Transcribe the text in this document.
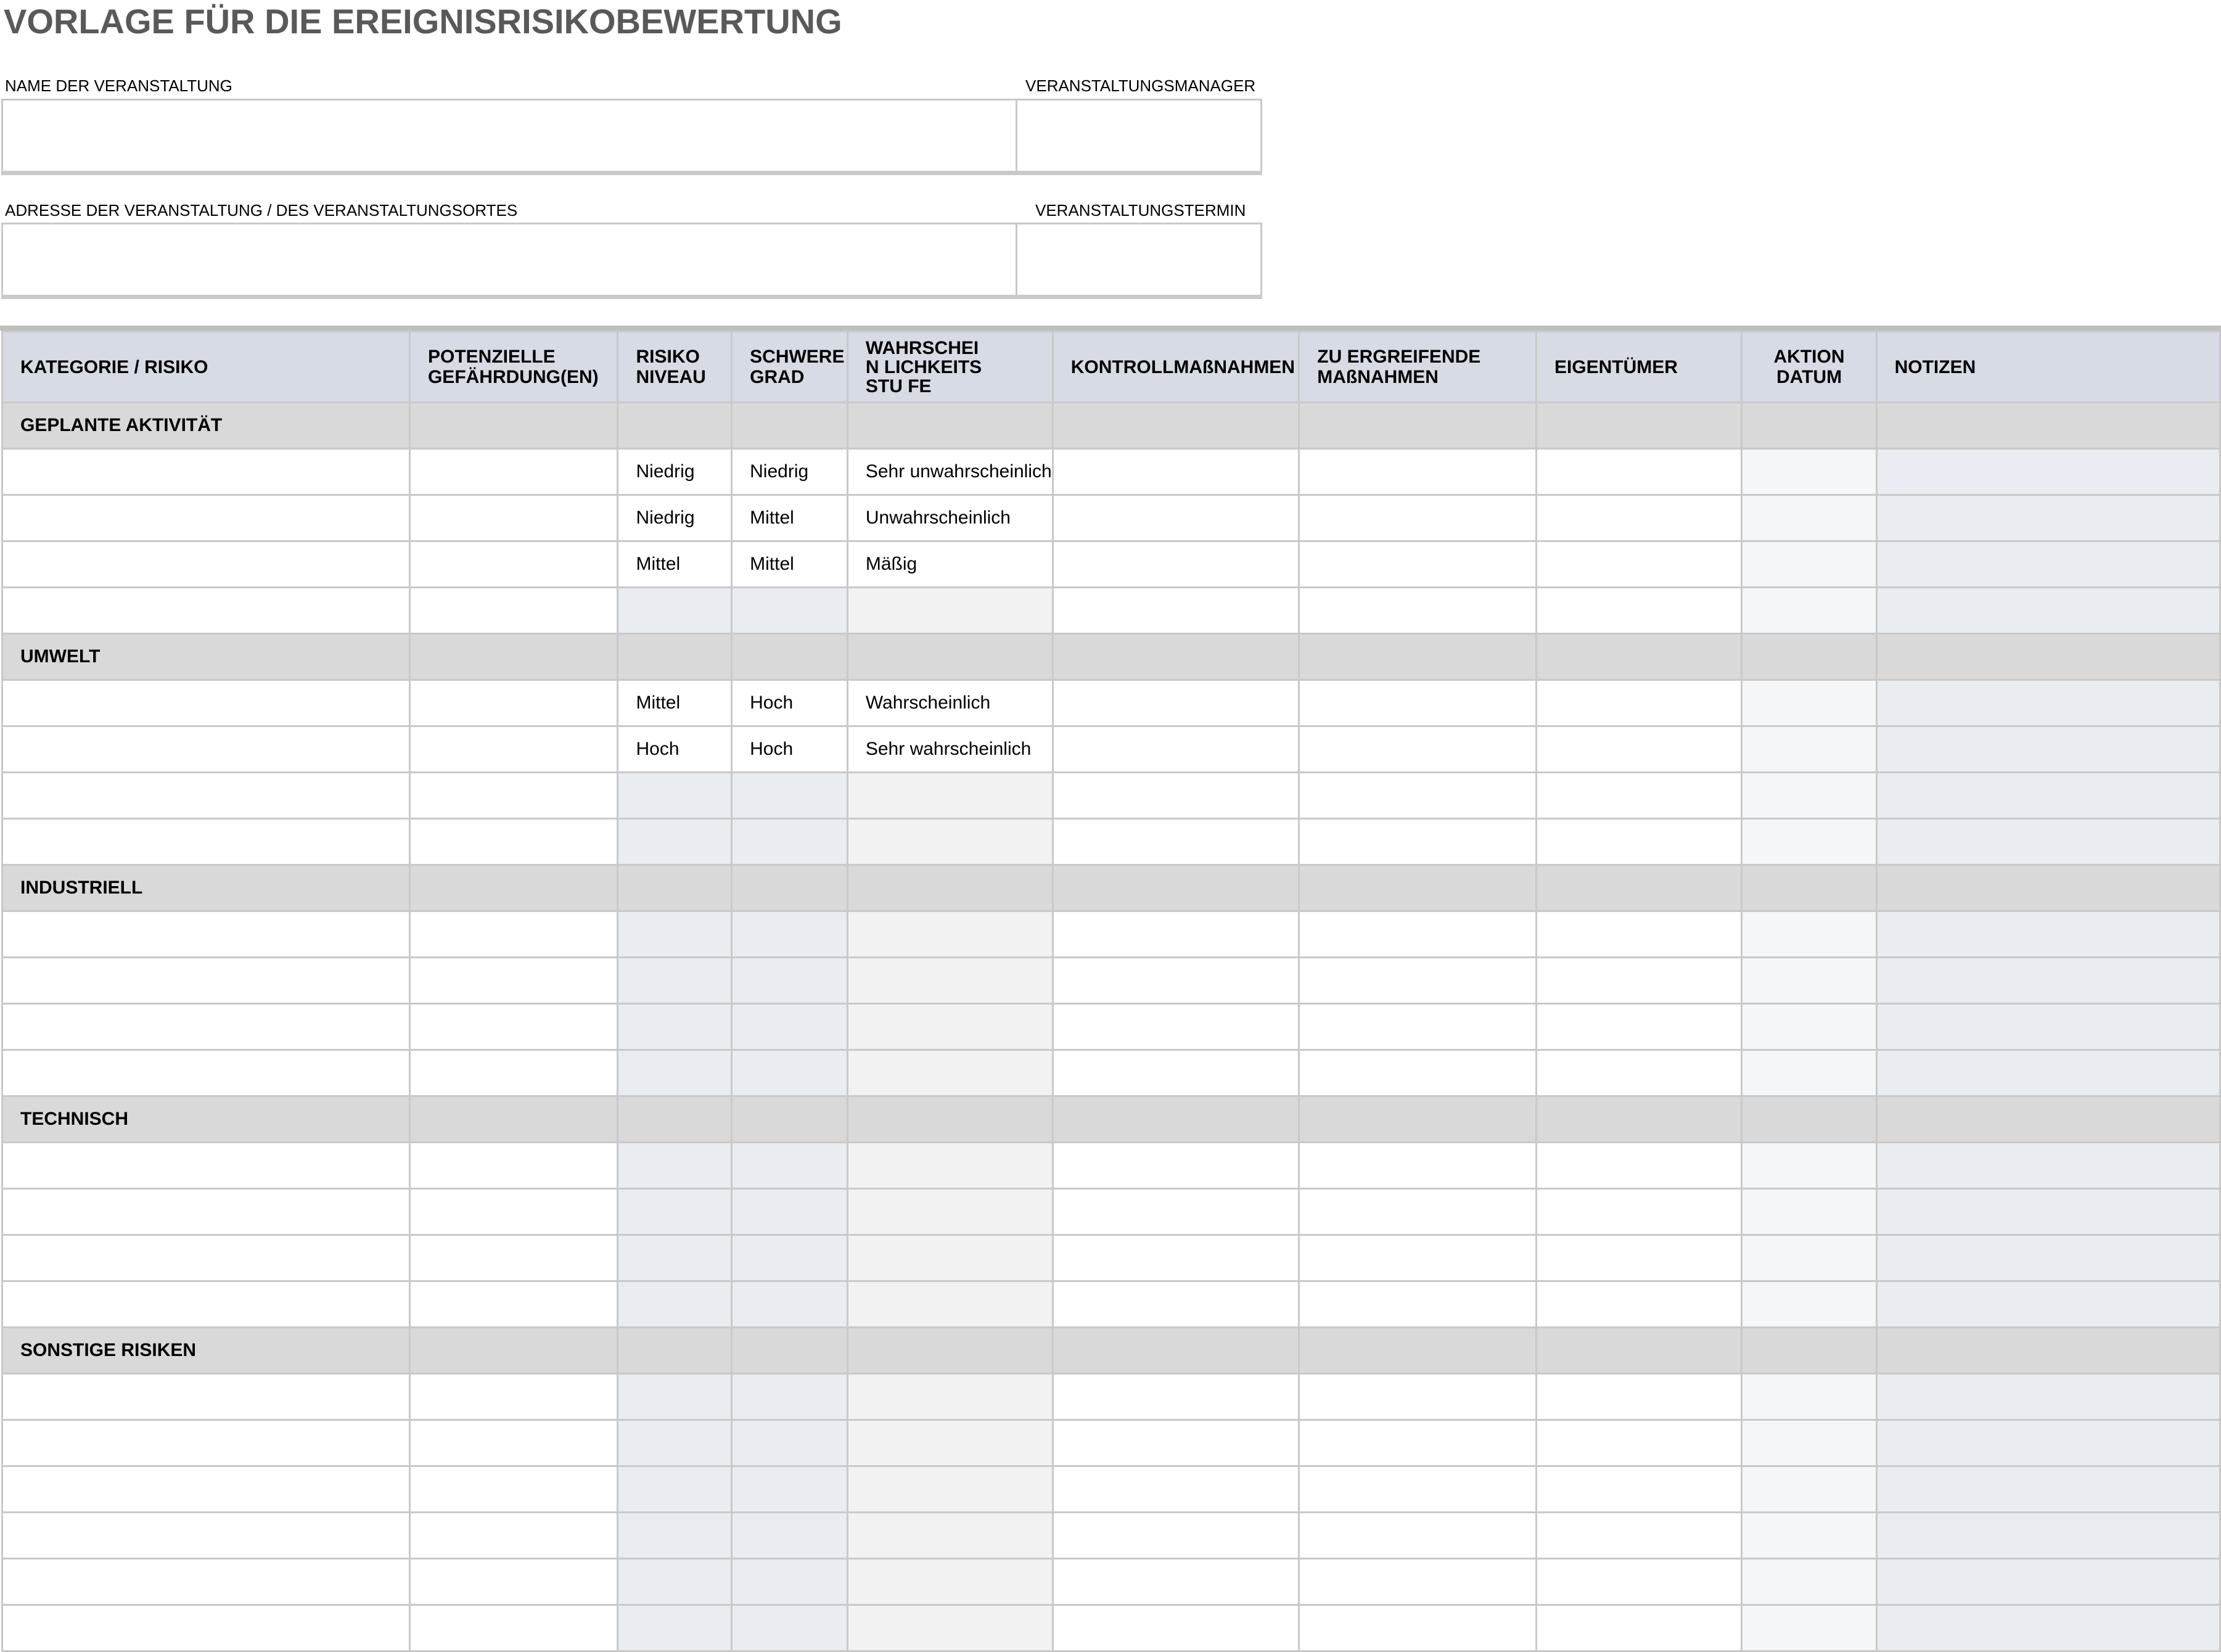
VORLAGE FÜR DIE EREIGNISRISIKOBEWERTUNG
NAME DER VERANSTALTUNG	VERANSTALTUNGSMANAGER
ADRESSE DER VERANSTALTUNG / DES VERANSTALTUNGSORTES	VERANSTALTUNGSTERMIN
KATEGORIE / RISIKO	POTENZIELLE GEFÄHRDUNG(EN)	RISIKO NIVEAU	SCHWERE GRAD	WAHRSCHEIN LICHKEITSSTU FE	KONTROLLMAßNAHMEN	ZU ERGREIFENDE MAßNAHMEN	EIGENTÜMER	AKTION DATUM	NOTIZEN
GEPLANTE AKTIVITÄT									
		Niedrig	Niedrig	Sehr unwahrscheinlich					
		Niedrig	Mittel	Unwahrscheinlich					
		Mittel	Mittel	Mäßig					

UMWELT									
		Mittel	Hoch	Wahrscheinlich					
		Hoch	Hoch	Sehr wahrscheinlich					

INDUSTRIELL									

TECHNISCH									

SONSTIGE RISIKEN									
